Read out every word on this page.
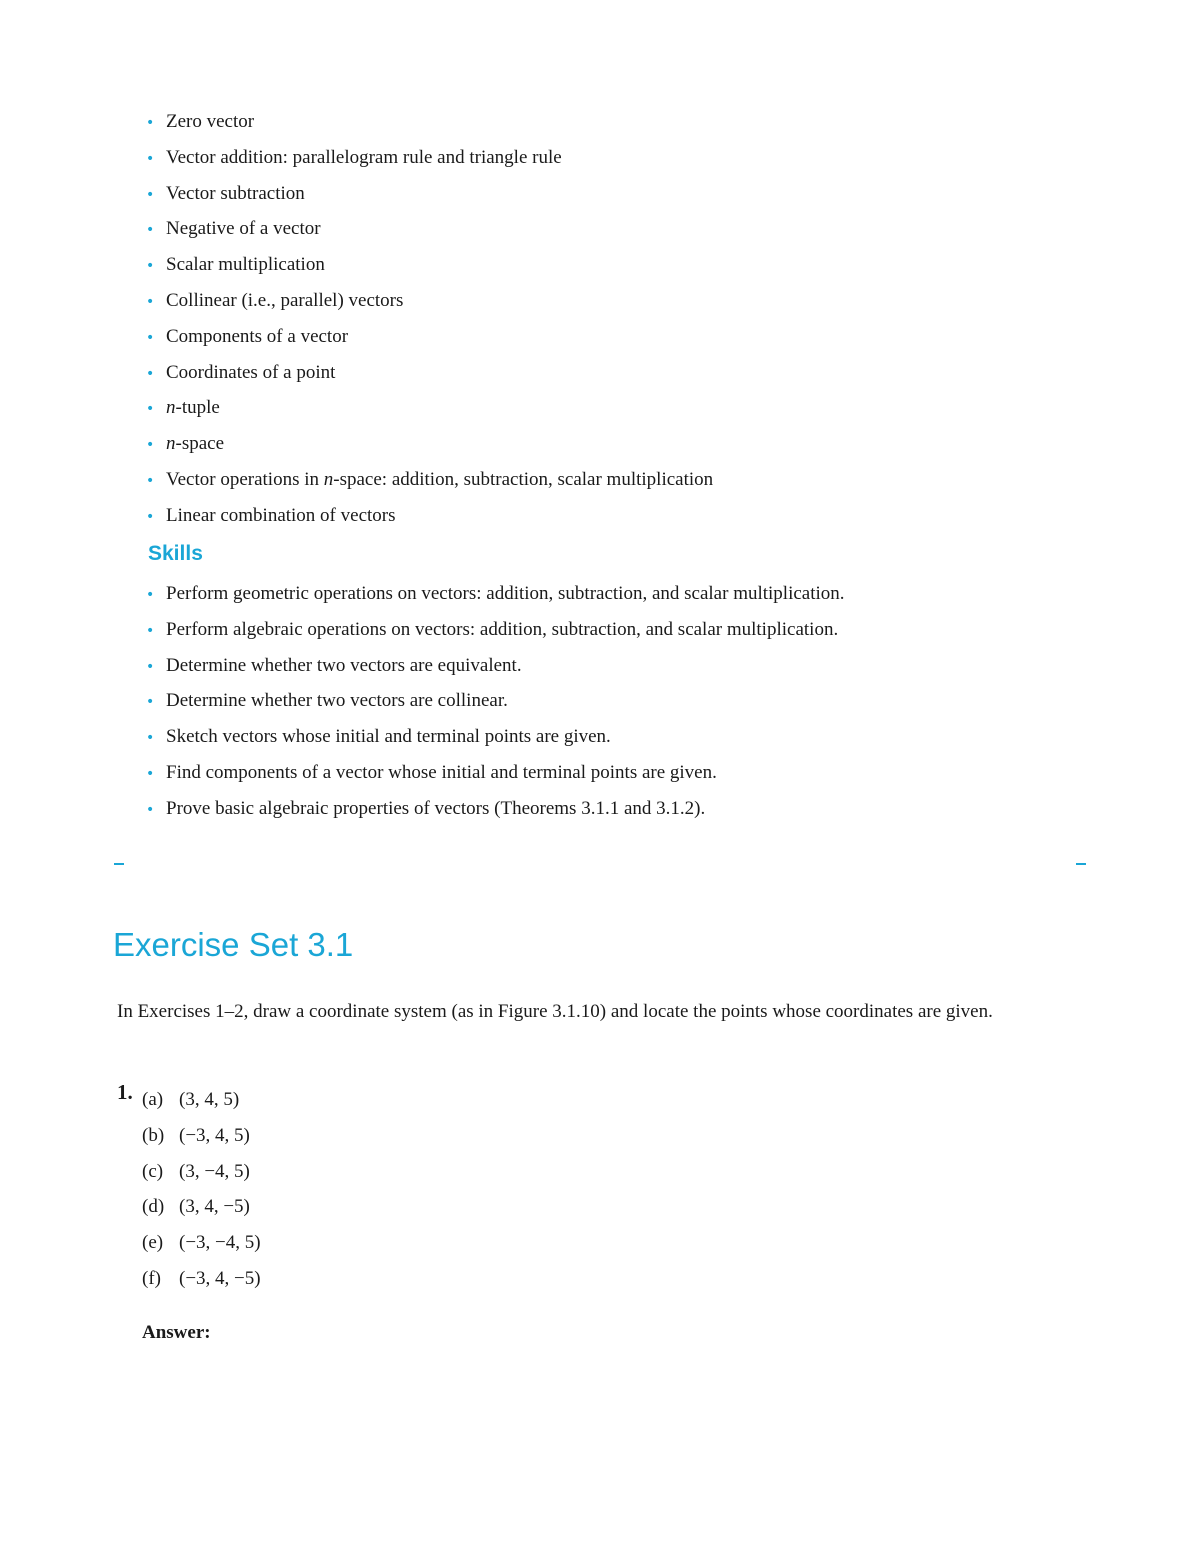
• Zero vector
• Vector addition: parallelogram rule and triangle rule
• Vector subtraction
• Negative of a vector
• Scalar multiplication
• Collinear (i.e., parallel) vectors
• Components of a vector
• Coordinates of a point
• n -tuple
• n -space
• Vector operations in n -space: addition, subtraction, scalar multiplication
• Linear combination of vectors
Skills
• Perform geometric operations on vectors: addition, subtraction, and scalar multiplication.
• Perform algebraic operations on vectors: addition, subtraction, and scalar multiplication.
• Determine whether two vectors are equivalent.
• Determine whether two vectors are collinear.
• Sketch vectors whose initial and terminal points are given.
• Find components of a vector whose initial and terminal points are given.
• Prove basic algebraic properties of vectors (Theorems 3.1.1 and 3.1.2).
Exercise Set 3.1

In Exercises 1–2, draw a coordinate system (as in Figure 3.1.10) and locate the points whose coordinates are given.

1. (a) (3, 4, 5)
(b) (−3, 4, 5)
(c) (3, −4, 5)
(d) (3, 4, −5)
(e) (−3, −4, 5)
(f) (−3, 4, −5)
Answer:
